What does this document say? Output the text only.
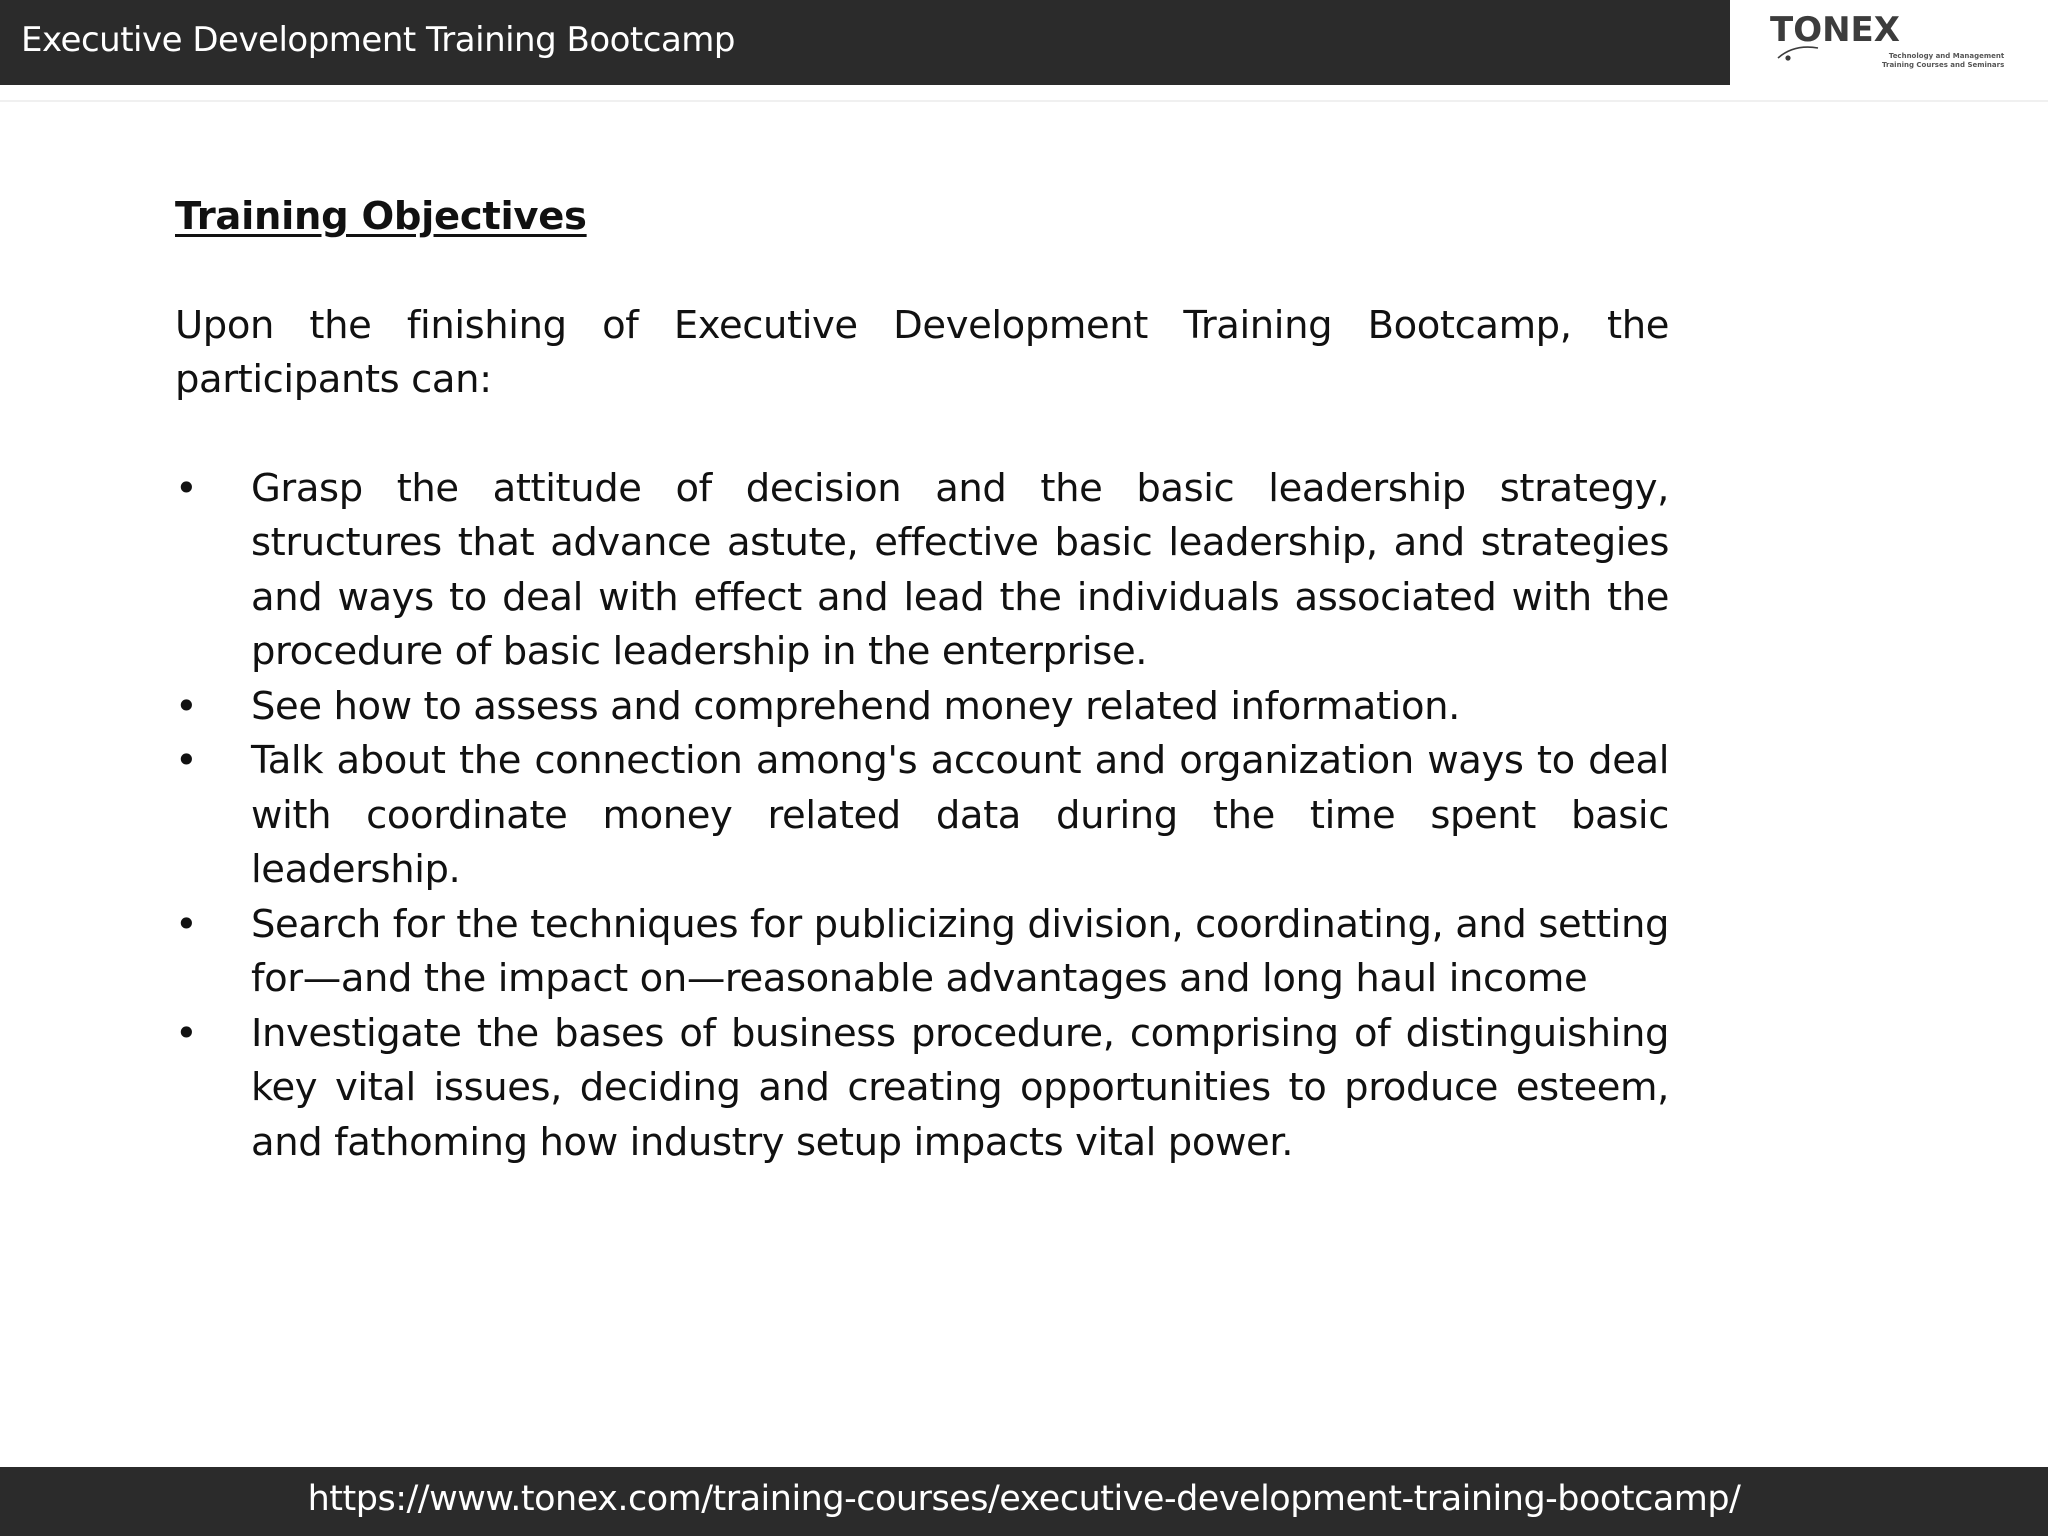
Executive Development Training Bootcamp	TONEX
Technology and Management
Training Courses and Seminars
Training Objectives

Upon the finishing of Executive Development Training Bootcamp, the participants can:

• Grasp the attitude of decision and the basic leadership strategy, structures that advance astute, effective basic leadership, and strategies and ways to deal with effect and lead the individuals associated with the procedure of basic leadership in the enterprise.
• See how to assess and comprehend money related information.
• Talk about the connection among's account and organization ways to deal with coordinate money related data during the time spent basic leadership.
• Search for the techniques for publicizing division, coordinating, and setting for—and the impact on—reasonable advantages and long haul income
• Investigate the bases of business procedure, comprising of distinguishing key vital issues, deciding and creating opportunities to produce esteem, and fathoming how industry setup impacts vital power.
https://www.tonex.com/training-courses/executive-development-training-bootcamp/
